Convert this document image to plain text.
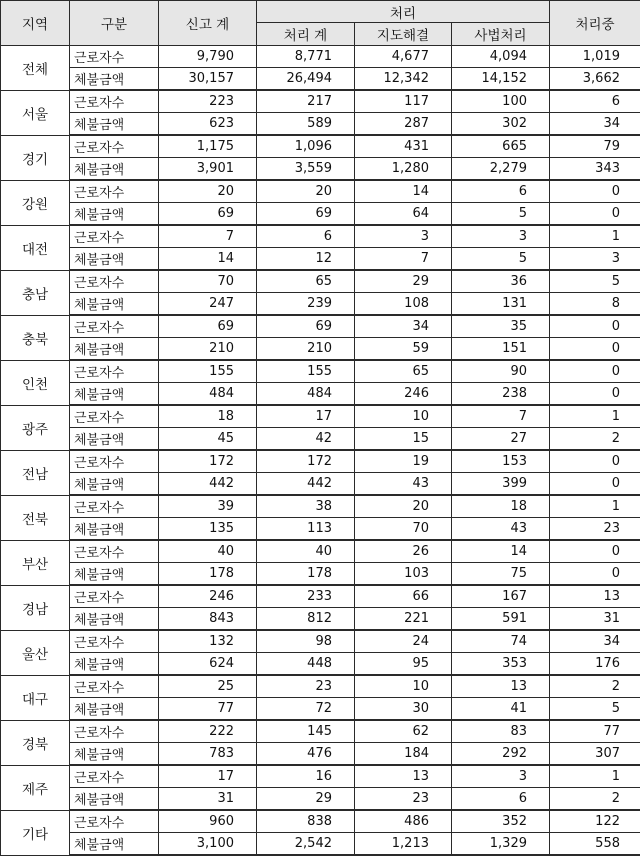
지역	구분	신고 계	처리			처리중
			처리 계	지도해결	사법처리	
전체	근로자수	9,790	8,771	4,677	4,094	1,019
	체불금액	30,157	26,494	12,342	14,152	3,662
서울	근로자수	223	217	117	100	6
	체불금액	623	589	287	302	34
경기	근로자수	1,175	1,096	431	665	79
	체불금액	3,901	3,559	1,280	2,279	343
강원	근로자수	20	20	14	6	0
	체불금액	69	69	64	5	0
대전	근로자수	7	6	3	3	1
	체불금액	14	12	7	5	3
충남	근로자수	70	65	29	36	5
	체불금액	247	239	108	131	8
충북	근로자수	69	69	34	35	0
	체불금액	210	210	59	151	0
인천	근로자수	155	155	65	90	0
	체불금액	484	484	246	238	0
광주	근로자수	18	17	10	7	1
	체불금액	45	42	15	27	2
전남	근로자수	172	172	19	153	0
	체불금액	442	442	43	399	0
전북	근로자수	39	38	20	18	1
	체불금액	135	113	70	43	23
부산	근로자수	40	40	26	14	0
	체불금액	178	178	103	75	0
경남	근로자수	246	233	66	167	13
	체불금액	843	812	221	591	31
울산	근로자수	132	98	24	74	34
	체불금액	624	448	95	353	176
대구	근로자수	25	23	10	13	2
	체불금액	77	72	30	41	5
경북	근로자수	222	145	62	83	77
	체불금액	783	476	184	292	307
제주	근로자수	17	16	13	3	1
	체불금액	31	29	23	6	2
기타	근로자수	960	838	486	352	122
	체불금액	3,100	2,542	1,213	1,329	558
